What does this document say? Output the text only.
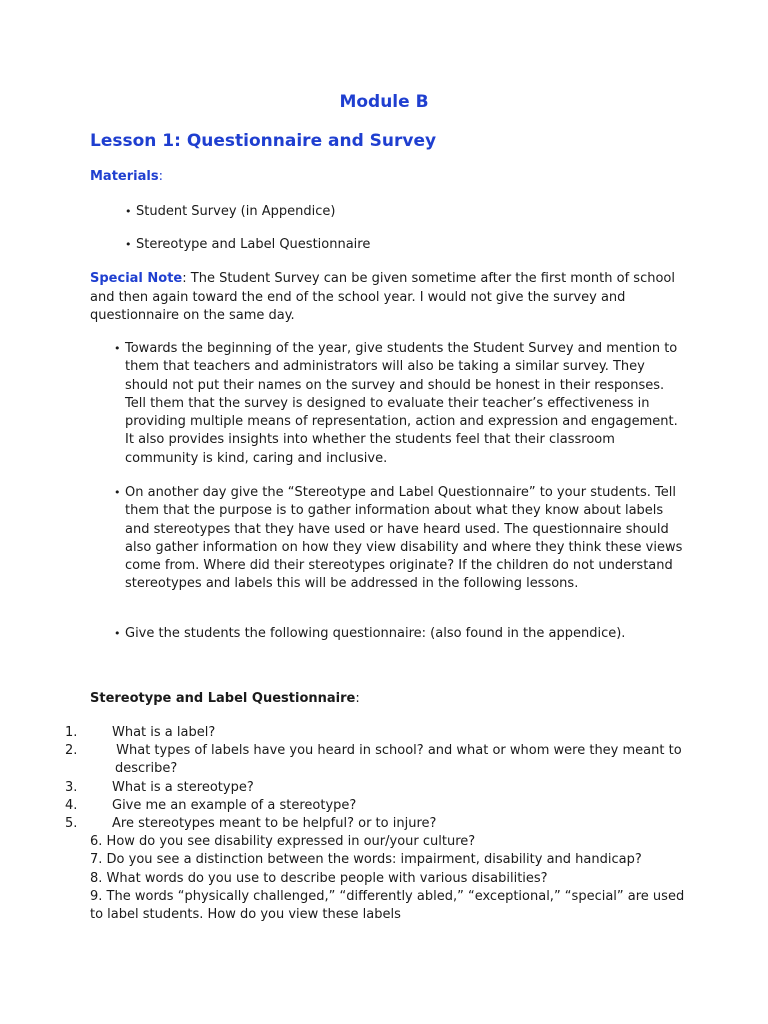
Module B
Lesson 1: Questionnaire and Survey
Materials:
• Student Survey (in Appendice)
• Stereotype and Label Questionnaire
Special Note: The Student Survey can be given sometime after the first month of school and then again toward the end of the school year. I would not give the survey and questionnaire on the same day.
• Towards the beginning of the year, give students the Student Survey and mention to them that teachers and administrators will also be taking a similar survey. They should not put their names on the survey and should be honest in their responses. Tell them that the survey is designed to evaluate their teacher’s effectiveness in providing multiple means of representation, action and expression and engagement. It also provides insights into whether the students feel that their classroom community is kind, caring and inclusive.
• On another day give the “Stereotype and Label Questionnaire” to your students. Tell them that the purpose is to gather information about what they know about labels and stereotypes that they have used or have heard used. The questionnaire should also gather information on how they view disability and where they think these views come from. Where did their stereotypes originate? If the children do not understand stereotypes and labels this will be addressed in the following lessons.
• Give the students the following questionnaire: (also found in the appendice).
Stereotype and Label Questionnaire:
1.	What is a label?
2.	What types of labels have you heard in school? and what or whom were they meant to describe?
3.	What is a stereotype?
4.	Give me an example of a stereotype?
5.	Are stereotypes meant to be helpful? or to injure?
6. How do you see disability expressed in our/your culture?
7. Do you see a distinction between the words: impairment, disability and handicap?
8. What words do you use to describe people with various disabilities?
9. The words “physically challenged,” “differently abled,” “exceptional,” “special” are used to label students. How do you view these labels
